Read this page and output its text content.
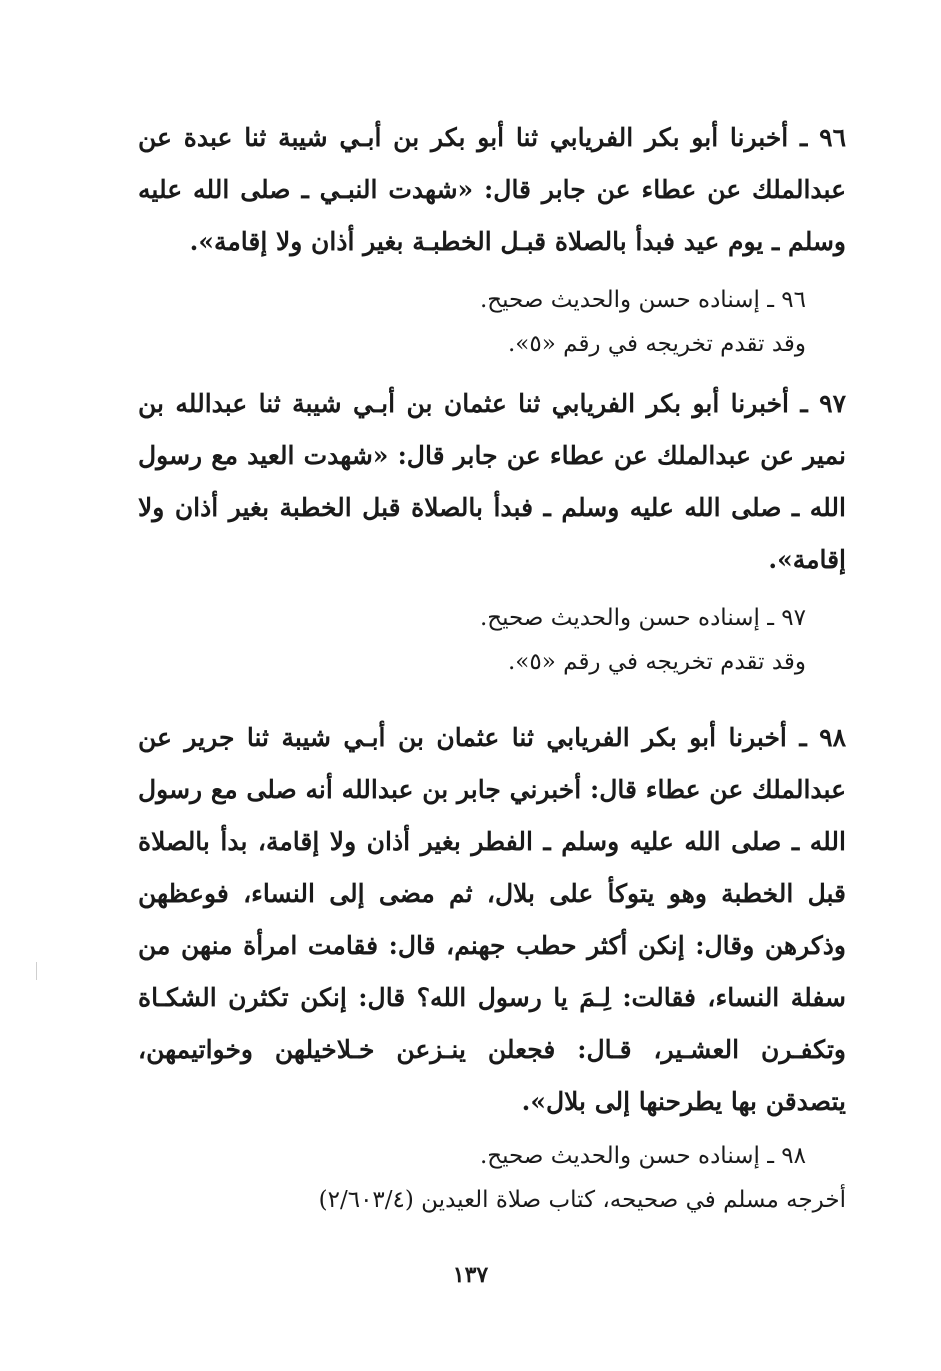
٩٦ ـ أخبرنا أبو بكر الفريابي ثنا أبو بكر بن أبـي شيبة ثنا عبدة عن عبدالملك عن عطاء عن جابر قال: «شهدت النبـي ـ صلى الله عليه وسلم ـ يوم عيد فبدأ بالصلاة قبـل الخطبـة بغير أذان ولا إقامة».

٩٦ ـ إسناده حسن والحديث صحيح.
وقد تقدم تخريجه في رقم «٥».

٩٧ ـ أخبرنا أبو بكر الفريابي ثنا عثمان بن أبـي شيبة ثنا عبدالله بن نمير عن عبدالملك عن عطاء عن جابر قال: «شهدت العيد مع رسول الله ـ صلى الله عليه وسلم ـ فبدأ بالصلاة قبل الخطبة بغير أذان ولا إقامة».

٩٧ ـ إسناده حسن والحديث صحيح.
وقد تقدم تخريجه في رقم «٥».

٩٨ ـ أخبرنا أبو بكر الفريابي ثنا عثمان بن أبـي شيبة ثنا جرير عن عبدالملك عن عطاء قال: أخبرني جابر بن عبدالله أنه صلى مع رسول الله ـ صلى الله عليه وسلم ـ الفطر بغير أذان ولا إقامة، بدأ بالصلاة قبل الخطبة وهو يتوكأ على بلال، ثم مضى إلى النساء، فوعظهن وذكرهن وقال: إنكن أكثر حطب جهنم، قال: فقامت امرأة منهن من سفلة النساء، فقالت: لِـمَ يا رسول الله؟ قال: إنكن تكثرن الشكـاة وتكفـرن العشـير، قـال: فجعلن ينـزعن خـلاخيلهن وخواتيمهن، يتصدقن بها يطرحنها إلى بلال».

٩٨ ـ إسناده حسن والحديث صحيح.
أخرجه مسلم في صحيحه، كتاب صلاة العيدين (٢/٦٠٣/٤)
١٣٧
